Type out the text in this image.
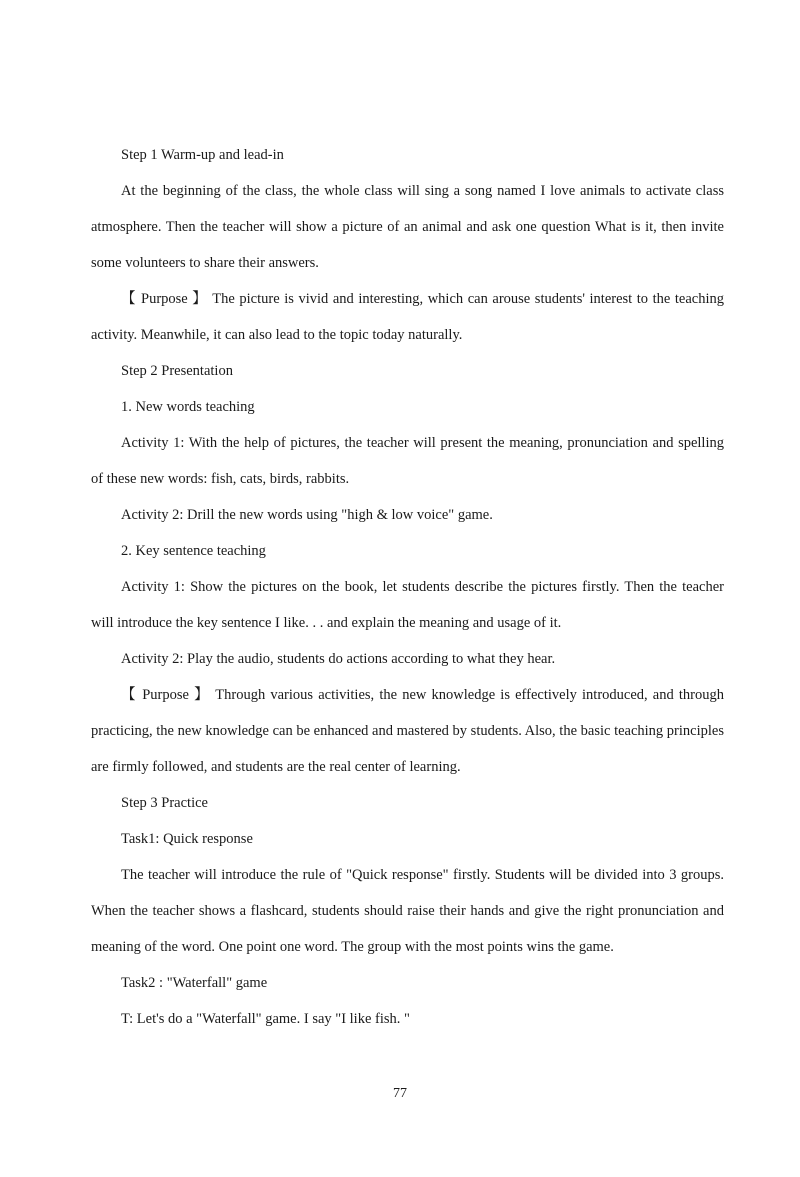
Step 1 Warm-up and lead-in

At the beginning of the class, the whole class will sing a song named I love animals to activate class atmosphere. Then the teacher will show a picture of an animal and ask one question What is it, then invite some volunteers to share their answers.

【 Purpose 】 The picture is vivid and interesting, which can arouse students' interest to the teaching activity. Meanwhile, it can also lead to the topic today naturally.

Step 2 Presentation

1. New words teaching

Activity 1: With the help of pictures, the teacher will present the meaning, pronunciation and spelling of these new words: fish, cats, birds, rabbits.

Activity 2: Drill the new words using "high & low voice" game.

2. Key sentence teaching

Activity 1: Show the pictures on the book, let students describe the pictures firstly. Then the teacher will introduce the key sentence I like. . . and explain the meaning and usage of it.

Activity 2: Play the audio, students do actions according to what they hear.

【 Purpose 】 Through various activities, the new knowledge is effectively introduced, and through practicing, the new knowledge can be enhanced and mastered by students. Also, the basic teaching principles are firmly followed, and students are the real center of learning.

Step 3 Practice

Task1: Quick response

The teacher will introduce the rule of "Quick response" firstly. Students will be divided into 3 groups. When the teacher shows a flashcard, students should raise their hands and give the right pronunciation and meaning of the word. One point one word. The group with the most points wins the game.

Task2 : "Waterfall" game

T: Let's do a "Waterfall" game. I say "I like fish. "

77
